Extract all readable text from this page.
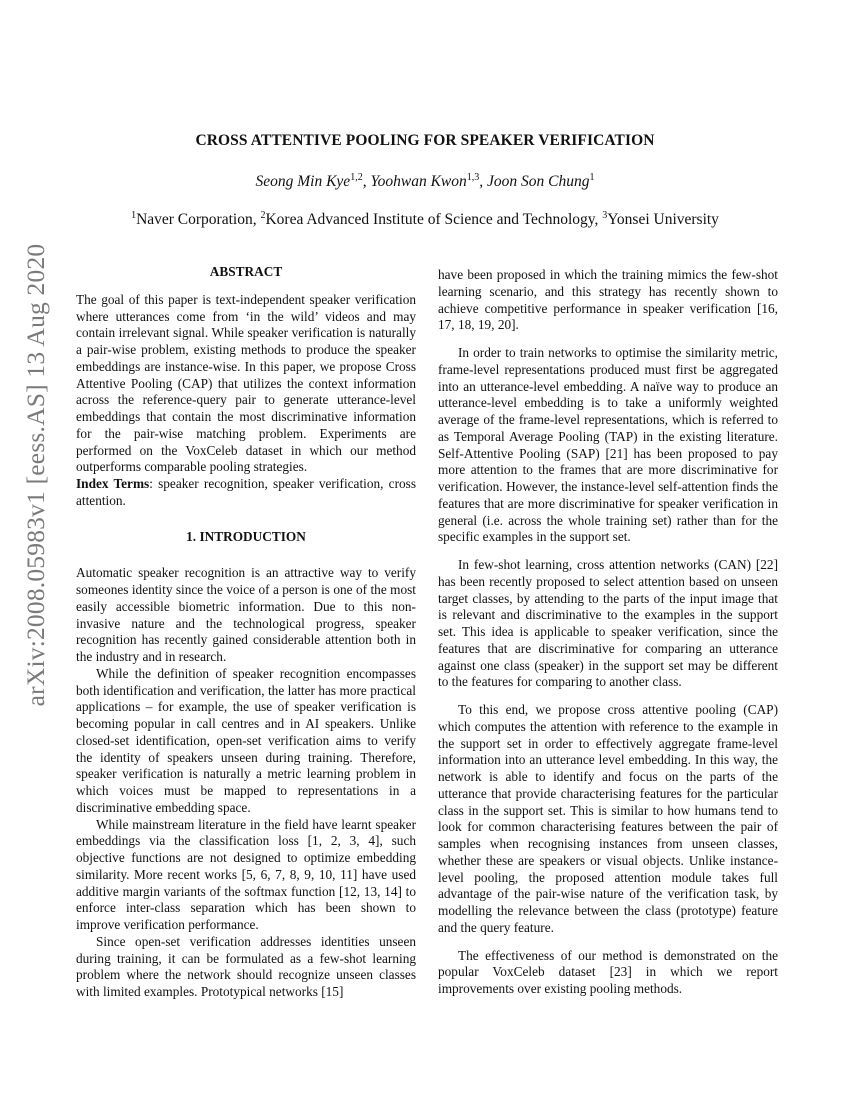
arXiv:2008.05983v1 [eess.AS] 13 Aug 2020
CROSS ATTENTIVE POOLING FOR SPEAKER VERIFICATION
Seong Min Kye$^{1,2}$, Yoohwan Kwon$^{1,3}$, Joon Son Chung$^1$
$^1$Naver Corporation, $^2$Korea Advanced Institute of Science and Technology, $^3$Yonsei University
ABSTRACT

The goal of this paper is text-independent speaker verification where utterances come from ‘in the wild’ videos and may contain irrelevant signal. While speaker verification is naturally a pair-wise problem, existing methods to produce the speaker embeddings are instance-wise. In this paper, we propose Cross Attentive Pooling (CAP) that utilizes the context information across the reference-query pair to generate utterance-level embeddings that contain the most discriminative information for the pair-wise matching problem. Experiments are performed on the VoxCeleb dataset in which our method outperforms comparable pooling strategies.

Index Terms: speaker recognition, speaker verification, cross attention.

1. INTRODUCTION

Automatic speaker recognition is an attractive way to verify someones identity since the voice of a person is one of the most easily accessible biometric information. Due to this non-invasive nature and the technological progress, speaker recognition has recently gained considerable attention both in the industry and in research.

While the definition of speaker recognition encompasses both identification and verification, the latter has more practical applications – for example, the use of speaker verification is becoming popular in call centres and in AI speakers. Unlike closed-set identification, open-set verification aims to verify the identity of speakers unseen during training. Therefore, speaker verification is naturally a metric learning problem in which voices must be mapped to representations in a discriminative embedding space.

While mainstream literature in the field have learnt speaker embeddings via the classification loss [1, 2, 3, 4], such objective functions are not designed to optimize embedding similarity. More recent works [5, 6, 7, 8, 9, 10, 11] have used additive margin variants of the softmax function [12, 13, 14] to enforce inter-class separation which has been shown to improve verification performance.

Since open-set verification addresses identities unseen during training, it can be formulated as a few-shot learning problem where the network should recognize unseen classes with limited examples. Prototypical networks [15]

have been proposed in which the training mimics the few-shot learning scenario, and this strategy has recently shown to achieve competitive performance in speaker verification [16, 17, 18, 19, 20].

In order to train networks to optimise the similarity metric, frame-level representations produced must first be aggregated into an utterance-level embedding. A naïve way to produce an utterance-level embedding is to take a uniformly weighted average of the frame-level representations, which is referred to as Temporal Average Pooling (TAP) in the existing literature. Self-Attentive Pooling (SAP) [21] has been proposed to pay more attention to the frames that are more discriminative for verification. However, the instance-level self-attention finds the features that are more discriminative for speaker verification in general (i.e. across the whole training set) rather than for the specific examples in the support set.

In few-shot learning, cross attention networks (CAN) [22] has been recently proposed to select attention based on unseen target classes, by attending to the parts of the input image that is relevant and discriminative to the examples in the support set. This idea is applicable to speaker verification, since the features that are discriminative for comparing an utterance against one class (speaker) in the support set may be different to the features for comparing to another class.

To this end, we propose cross attentive pooling (CAP) which computes the attention with reference to the example in the support set in order to effectively aggregate frame-level information into an utterance level embedding. In this way, the network is able to identify and focus on the parts of the utterance that provide characterising features for the particular class in the support set. This is similar to how humans tend to look for common characterising features between the pair of samples when recognising instances from unseen classes, whether these are speakers or visual objects. Unlike instance-level pooling, the proposed attention module takes full advantage of the pair-wise nature of the verification task, by modelling the relevance between the class (prototype) feature and the query feature.

The effectiveness of our method is demonstrated on the popular VoxCeleb dataset [23] in which we report improvements over existing pooling methods.
